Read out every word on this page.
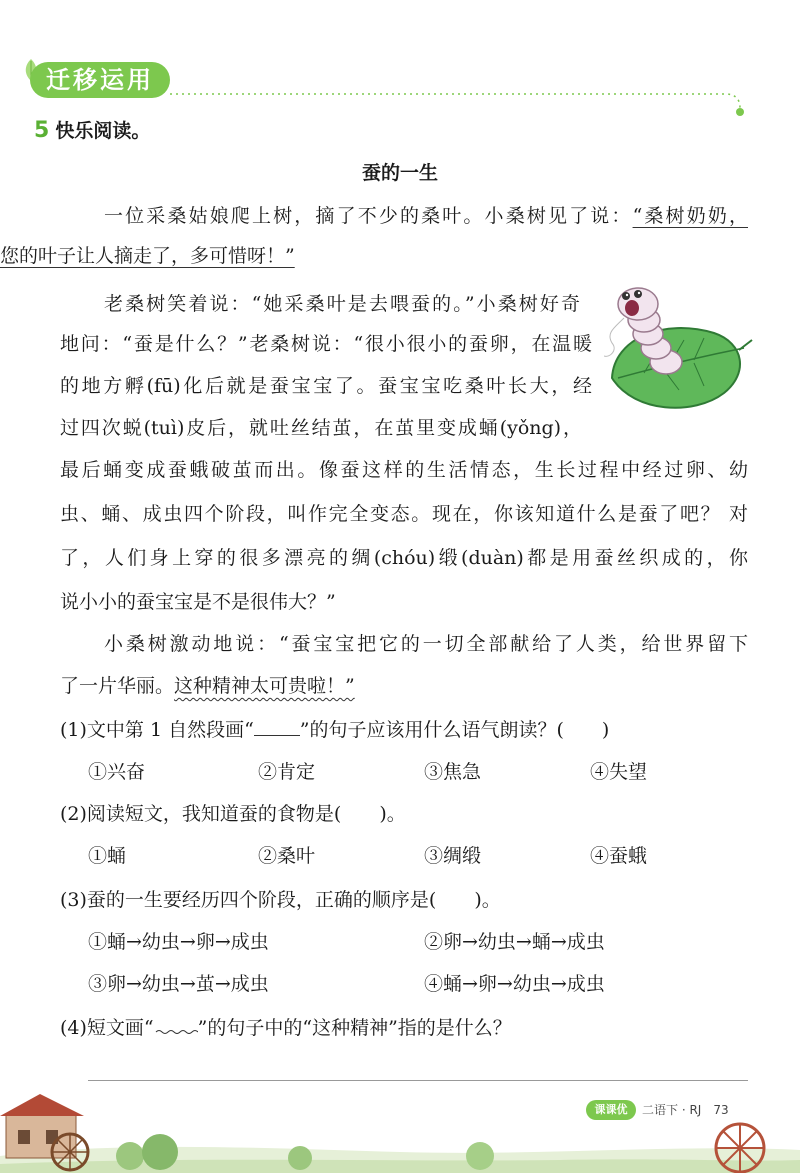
迁移运用
5 快乐阅读。
蚕的一生
一位采桑姑娘爬上树，摘了不少的桑叶。小桑树见了说：“桑树奶奶，
您的叶子让人摘走了，多可惜呀！”
老桑树笑着说：“她采桑叶是去喂蚕的。”小桑树好奇
地问：“蚕是什么？”老桑树说：“很小很小的蚕卵，在温暖
的地方孵(fū)化后就是蚕宝宝了。蚕宝宝吃桑叶长大，经
过四次蜕(tuì)皮后，就吐丝结茧，在茧里变成蛹(yǒng)，
最后蛹变成蚕蛾破茧而出。像蚕这样的生活情态，生长过程中经过卵、幼
虫、蛹、成虫四个阶段，叫作完全变态。现在，你该知道什么是蚕了吧？ 对
了，人们身上穿的很多漂亮的绸(chóu)缎(duàn)都是用蚕丝织成的，你
说小小的蚕宝宝是不是很伟大？”
小桑树激动地说：“蚕宝宝把它的一切全部献给了人类，给世界留下
了一片华丽。这种精神太可贵啦！”
(1)文中第 1 自然段画“ ”的句子应该用什么语气朗读？(　　)
①兴奋	②肯定	③焦急	④失望
(2)阅读短文，我知道蚕的食物是(　　)。
①蛹	②桑叶	③绸缎	④蚕蛾
(3)蚕的一生要经历四个阶段，正确的顺序是(　　)。
①蛹→幼虫→卵→成虫	②卵→幼虫→蛹→成虫
③卵→幼虫→茧→成虫	④蛹→卵→幼虫→成虫
(4)短文画“ ”的句子中的“这种精神”指的是什么？
课课优	二语下 · RJ　73
